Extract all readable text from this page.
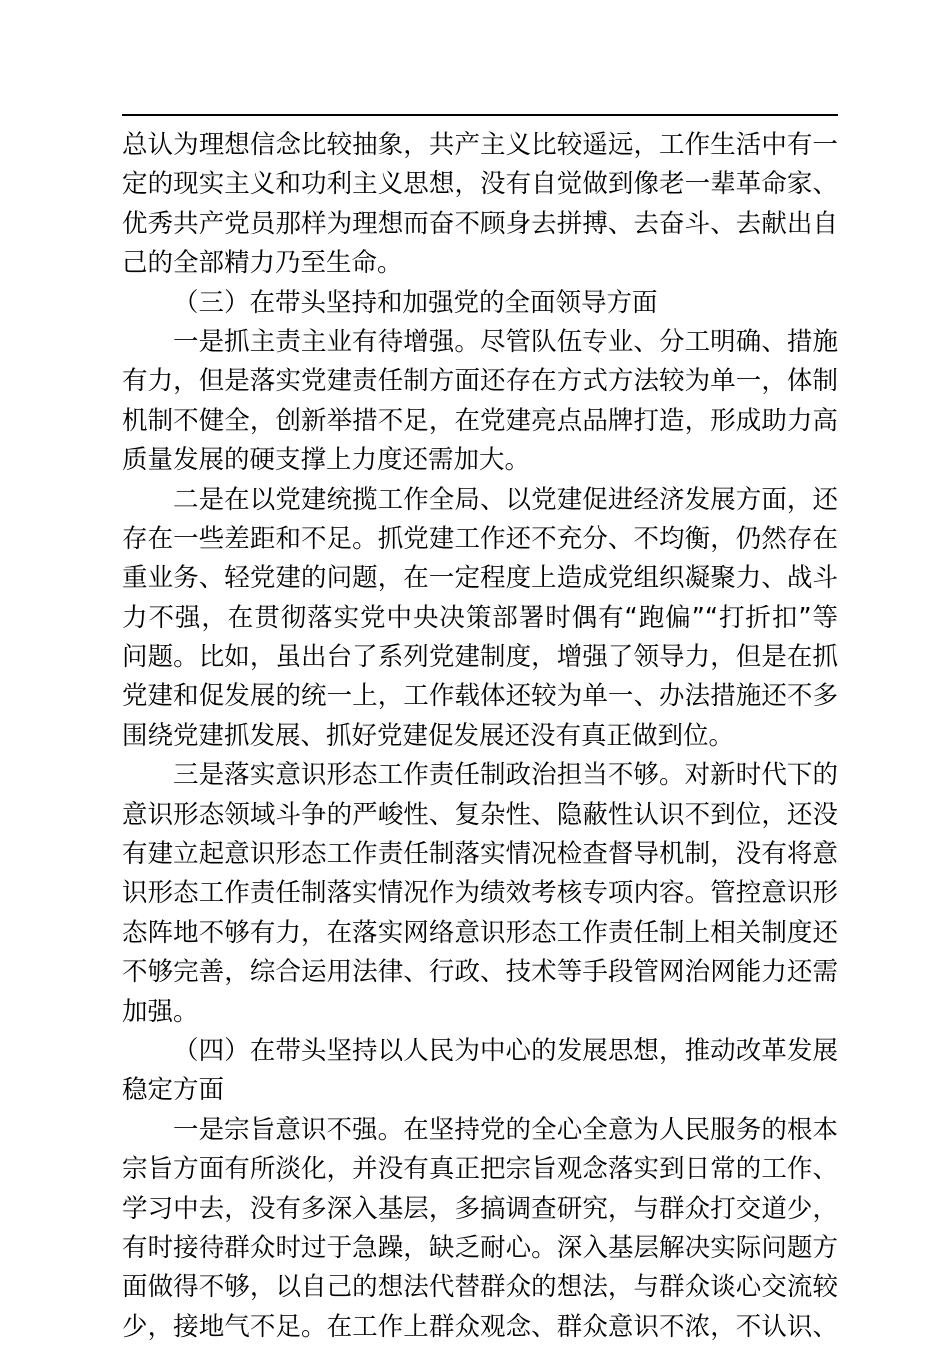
总认为理想信念比较抽象，共产主义比较遥远，工作生活中有一
定的现实主义和功利主义思想，没有自觉做到像老一辈革命家、
优秀共产党员那样为理想而奋不顾身去拼搏、去奋斗、去献出自
己的全部精力乃至生命。
（三）在带头坚持和加强党的全面领导方面
一是抓主责主业有待增强。尽管队伍专业、分工明确、措施
有力，但是落实党建责任制方面还存在方式方法较为单一，体制
机制不健全，创新举措不足，在党建亮点品牌打造，形成助力高
质量发展的硬支撑上力度还需加大。
二是在以党建统揽工作全局、以党建促进经济发展方面，还
存在一些差距和不足。抓党建工作还不充分、不均衡，仍然存在
重业务、轻党建的问题，在一定程度上造成党组织凝聚力、战斗
力不强，在贯彻落实党中央决策部署时偶有“跑偏”“打折扣”等
问题。比如，虽出台了系列党建制度，增强了领导力，但是在抓
党建和促发展的统一上，工作载体还较为单一、办法措施还不多
围绕党建抓发展、抓好党建促发展还没有真正做到位。
三是落实意识形态工作责任制政治担当不够。对新时代下的
意识形态领域斗争的严峻性、复杂性、隐蔽性认识不到位，还没
有建立起意识形态工作责任制落实情况检查督导机制，没有将意
识形态工作责任制落实情况作为绩效考核专项内容。管控意识形
态阵地不够有力，在落实网络意识形态工作责任制上相关制度还
不够完善，综合运用法律、行政、技术等手段管网治网能力还需
加强。
（四）在带头坚持以人民为中心的发展思想，推动改革发展
稳定方面
一是宗旨意识不强。在坚持党的全心全意为人民服务的根本
宗旨方面有所淡化，并没有真正把宗旨观念落实到日常的工作、
学习中去，没有多深入基层，多搞调查研究，与群众打交道少，
有时接待群众时过于急躁，缺乏耐心。深入基层解决实际问题方
面做得不够，以自己的想法代替群众的想法，与群众谈心交流较
少，接地气不足。在工作上群众观念、群众意识不浓，不认识、
